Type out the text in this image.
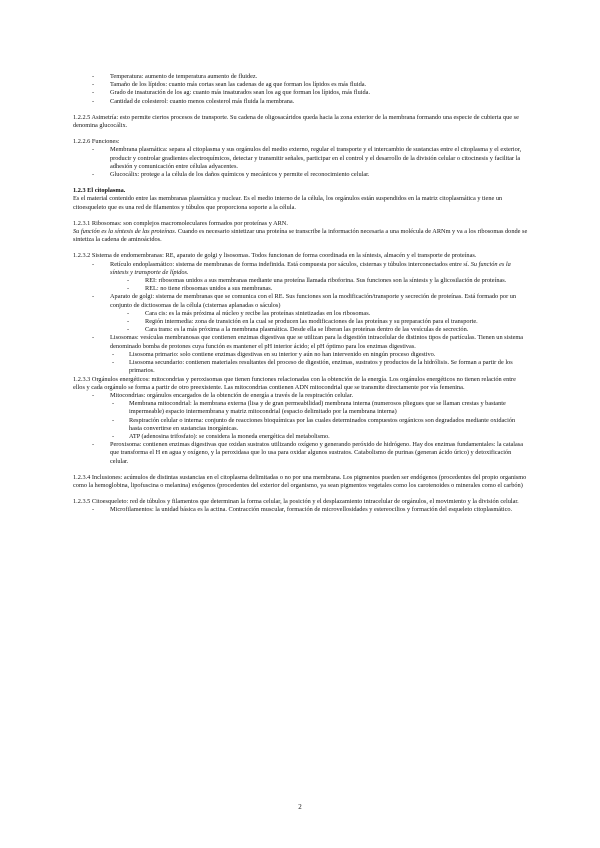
- Temperatura: aumento de temperatura aumento de fluidez.

- Tamaño de los lípidos: cuanto más cortas sean las cadenas de ag que forman los lípidos es más fluida.

- Grado de insaturación de los ag: cuanto más insaturados sean los ag que forman los lípidos, más fluida.

- Cantidad de colesterol: cuanto menos colesterol más fluida la membrana.

1.2.2.5 Asimetría: esto permite ciertos procesos de transporte. Su cadena de oligosacáridos queda hacia la zona exterior de la membrana formando una especie de cubierta que se denomina glucocálix.

1.2.2.6 Funciones:

- Membrana plasmática: separa al citoplasma y sus orgánulos del medio externo, regular el transporte y el intercambio de sustancias entre el citoplasma y el exterior, producir y controlar gradientes electroquímicos, detectar y transmitir señales, participar en el control y el desarrollo de la división celular o citocinesis y facilitar la adhesión y comunicación entre células adyacentes.

- Glucocálix: protege a la célula de los daños químicos y mecánicos y permite el reconocimiento celular.

1.2.3 El citoplasma.

Es el material contenido entre las membranas plasmática y nuclear. Es el medio interno de la célula, los orgánulos están suspendidos en la matriz citoplasmática y tiene un citoesqueleto que es una red de filamentos y túbulos que proporciona soporte a la célula.

1.2.3.1 Ribosomas: son complejos macromoleculares formados por proteínas y ARN.

Su función es la síntesis de las proteínas. Cuando es necesario sintetizar una proteína se transcribe la información necesaria a una molécula de ARNm y va a los ribosomas donde se sintetiza la cadena de aminoácidos.

1.2.3.2 Sistema de endomembranas: RE, aparato de golgi y lisosomas. Todos funcionan de forma coordinada en la síntesis, almacén y el transporte de proteínas.

- Retículo endoplasmático: sistema de membranas de forma indefinida. Está compuesta por sáculos, cisternas y túbulos interconectados entre sí. Su función es la síntesis y transporte de lípidos.

- REI: ribosomas unidos a sus membranas mediante una proteína llamada riboforina. Sus funciones son la síntesis y la glicosilación de proteínas.

- REL: no tiene ribosomas unidos a sus membranas.

- Aparato de golgi: sistema de membranas que se comunica con el RE. Sus funciones son la modificación/transporte y secreción de proteínas. Está formado por un conjunto de dictiosomas de la célula (cisternas aplanadas o sáculos)

- Cara cis: es la más próxima al núcleo y recibe las proteínas sintetizadas en los ribosomas.

- Región intermedia: zona de transición en la cual se producen las modificaciones de las proteínas y su preparación para el transporte.

- Cara trans: es la más próxima a la membrana plasmática. Desde ella se liberan las proteínas dentro de las vesículas de secreción.

- Lisosomas: vesículas membranosas que contienen enzimas digestivas que se utilizan para la digestión intracelular de distintos tipos de partículas. Tienen un sistema denominado bomba de protones cuya función es mantener el pH interior ácido; el pH óptimo para los enzimas digestivas.

- Lisosoma primario: solo contiene enzimas digestivas en su interior y aún no han intervenido en ningún proceso digestivo.

- Lisosoma secundario: contienen materiales resultantes del proceso de digestión, enzimas, sustratos y productos de la hidrólisis. Se forman a partir de los primarios.

1.2.3.3 Orgánulos energéticos: mitocondrias y peroxisomas que tienen funciones relacionadas con la obtención de la energía. Los orgánulos energéticos no tienen relación entre ellos y cada orgánulo se forma a partir de otro preexistente. Las mitocondrias contienen ADN mitocondrial que se transmite directamente por vía femenina.

- Mitocondrias: orgánulos encargados de la obtención de energía a través de la respiración celular.

- Membrana mitocondrial: la membrana externa (lisa y de gran permeabilidad) membrana interna (numerosos pliegues que se llaman crestas y bastante impermeable) espacio intermembrana y matriz mitocondrial (espacio delimitado por la membrana interna)

- Respiración celular o interna: conjunto de reacciones bioquímicas por las cuales determinados compuestos orgánicos son degradados mediante oxidación hasta convertirse en sustancias inorgánicas.

- ATP (adenosina trifosfato): se considera la moneda energética del metabolismo.

- Peroxisoma: contienen enzimas digestivas que oxidan sustratos utilizando oxígeno y generando peróxido de hidrógeno. Hay dos enzimas fundamentales: la catalasa que transforma el H en agua y oxígeno, y la peroxidasa que lo usa para oxidar algunos sustratos. Catabolismo de purinas (generan ácido úrico) y detoxificación celular.

1.2.3.4 Inclusiones: acúmulos de distintas sustancias en el citoplasma delimitadas o no por una membrana. Los pigmentos pueden ser endógenos (procedentes del propio organismo como la hemoglobina, lipofuscina o melanina) exógenos (procedentes del exterior del organismo, ya sean pigmentos vegetales como los carotenoides o minerales como el carbón)

1.2.3.5 Citoesqueleto: red de túbulos y filamentos que determinan la forma celular, la posición y el desplazamiento intracelular de orgánulos, el movimiento y la división celular.

- Microfilamentos: la unidad básica es la actina. Contracción muscular, formación de microvellosidades y estereocilios y formación del esqueleto citoplasmático.

2
